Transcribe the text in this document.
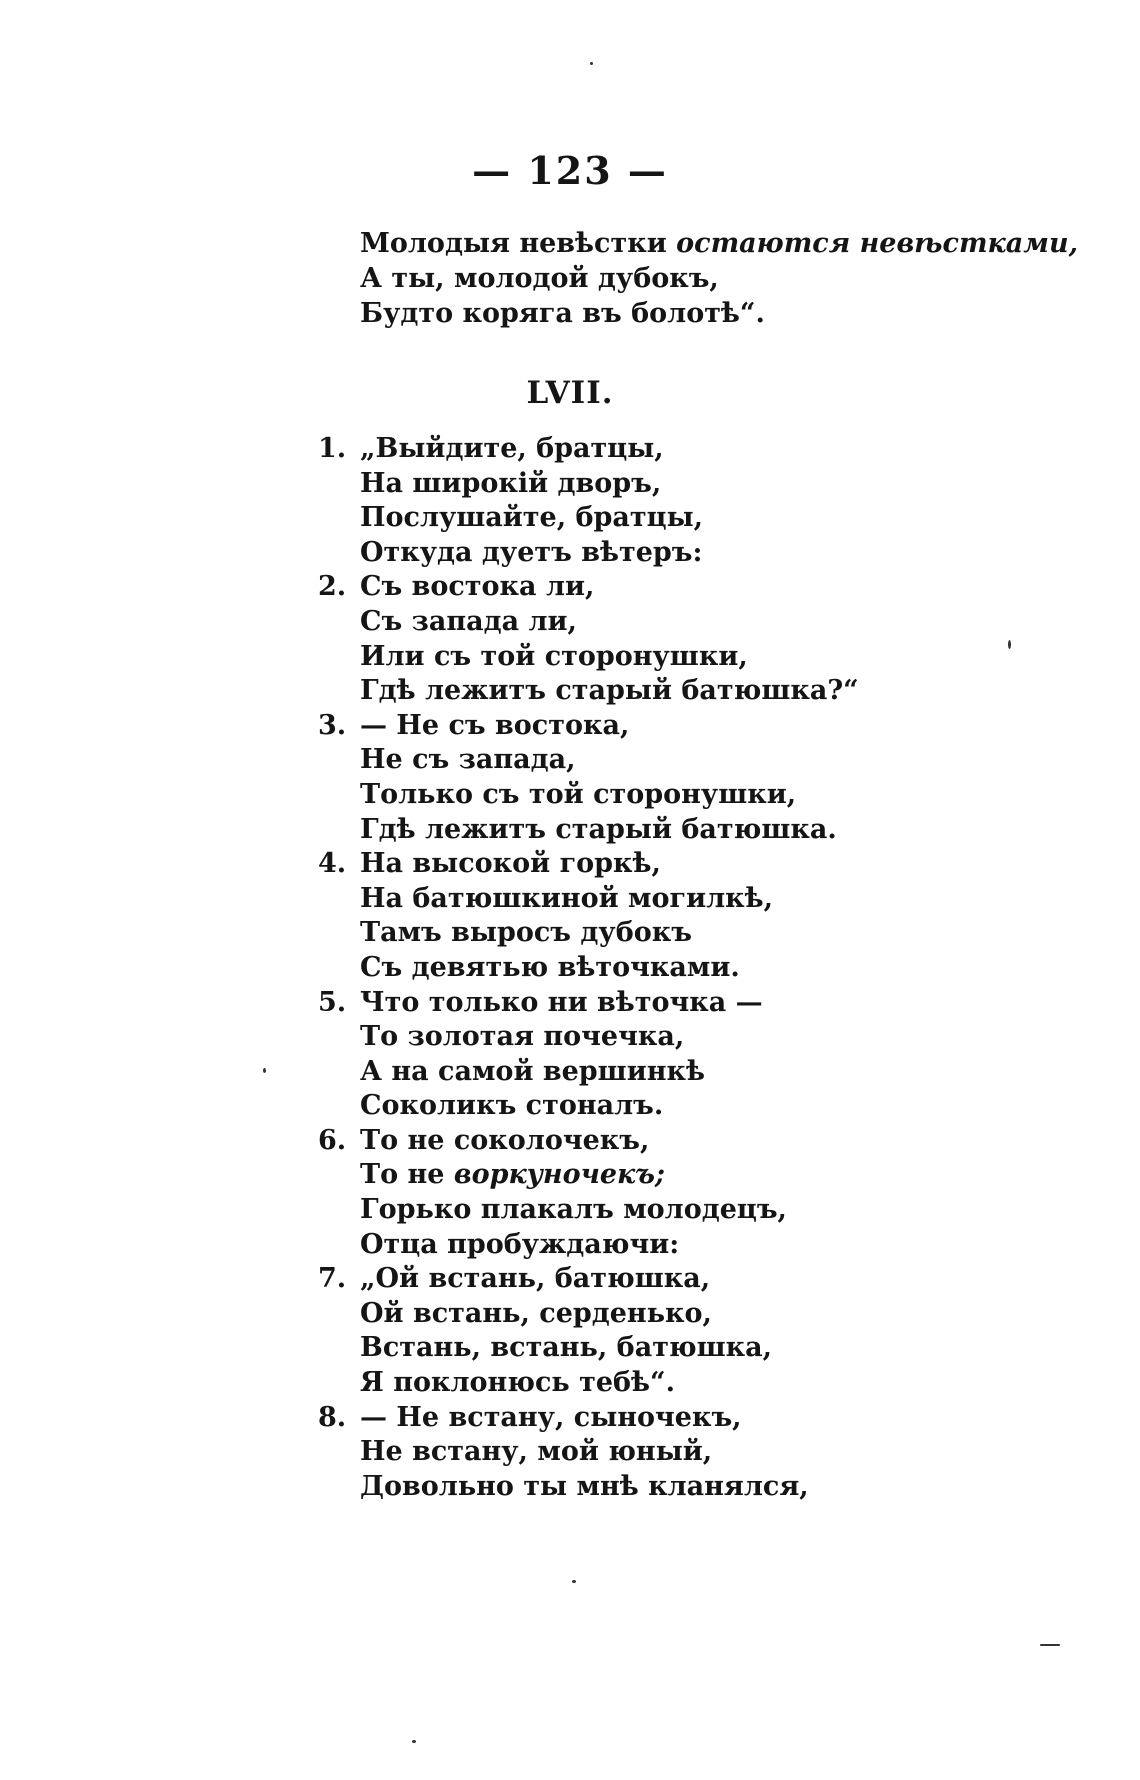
— 123 —
Молодыя невѣстки остаются невѣстками,
А ты, молодой дубокъ,
Будто коряга въ болотѣ“.
LVII.
1. „Выйдите, братцы,
На широкій дворъ,
Послушайте, братцы,
Откуда дуетъ вѣтеръ:
2. Съ востока ли,
Съ запада ли,
Или съ той сторонушки,
Гдѣ лежитъ старый батюшка?“
3. — Не съ востока,
Не съ запада,
Только съ той сторонушки,
Гдѣ лежитъ старый батюшка.
4. На высокой горкѣ,
На батюшкиной могилкѣ,
Тамъ выросъ дубокъ
Съ девятью вѣточками.
5. Что только ни вѣточка —
То золотая почечка,
А на самой вершинкѣ
Соколикъ стоналъ.
6. То не соколочекъ,
То не воркуночекъ;
Горько плакалъ молодецъ,
Отца пробуждаючи:
7. „Ой встань, батюшка,
Ой встань, серденько,
Встань, встань, батюшка,
Я поклонюсь тебѣ“.
8. — Не встану, сыночекъ,
Не встану, мой юный,
Довольно ты мнѣ кланялся,
